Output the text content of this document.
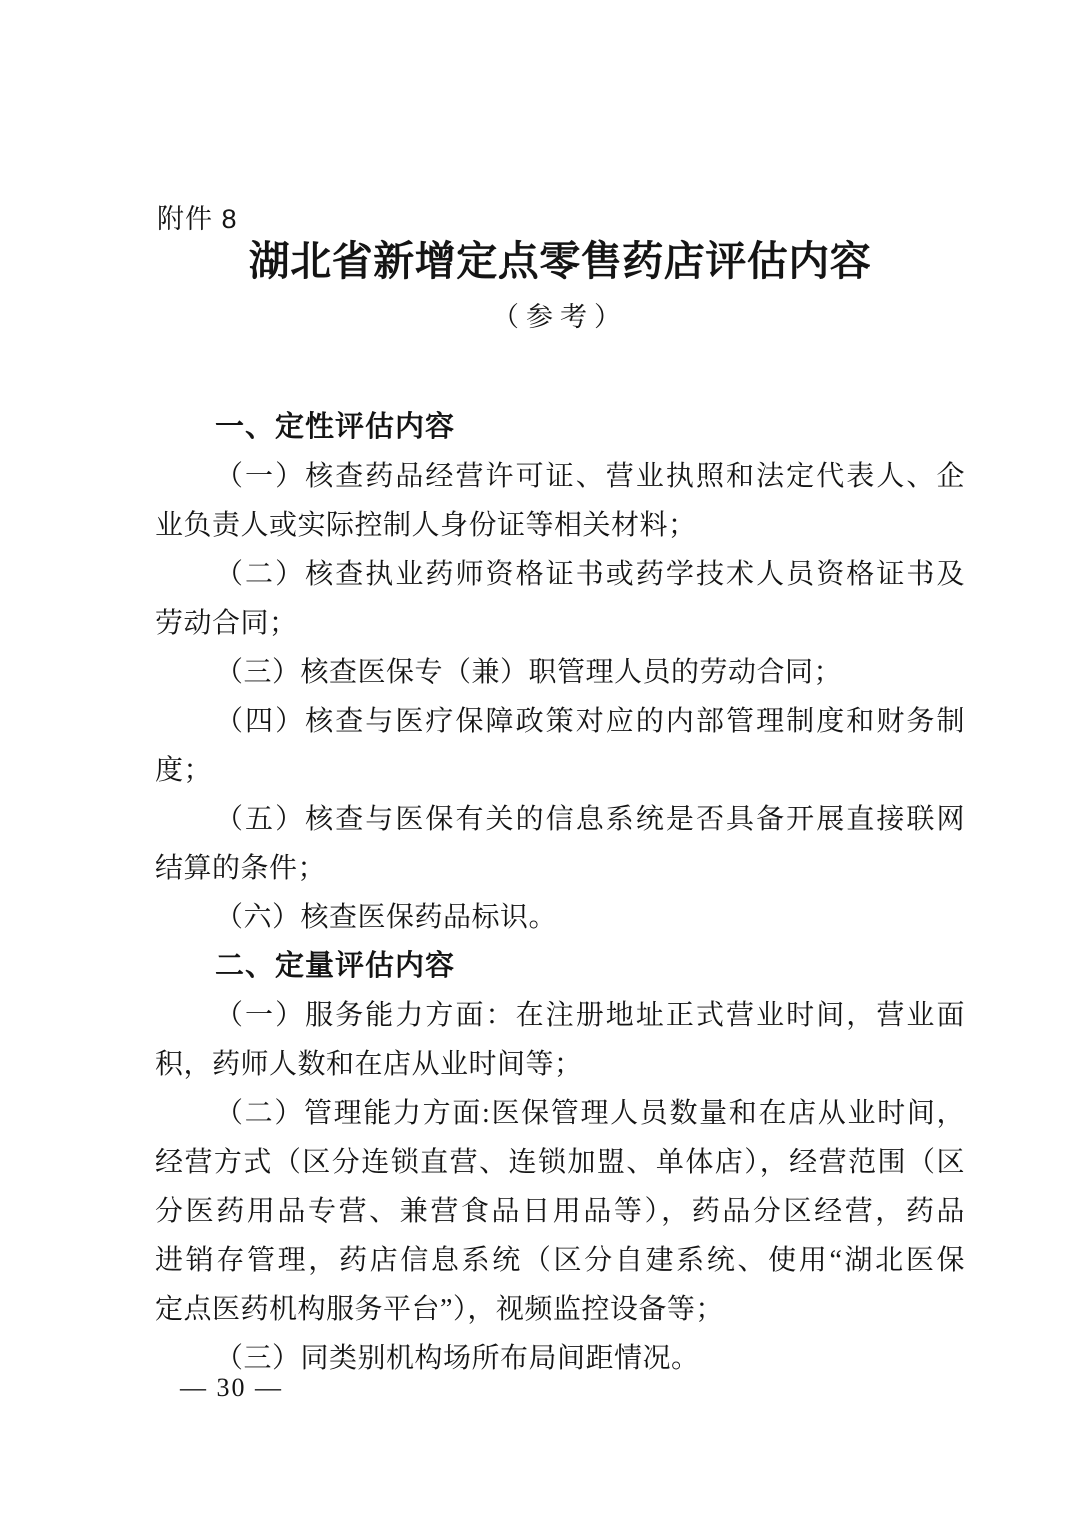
附件 8
湖北省新增定点零售药店评估内容
（参考）
一、定性评估内容
（一）核查药品经营许可证、营业执照和法定代表人、企
业负责人或实际控制人身份证等相关材料；
（二）核查执业药师资格证书或药学技术人员资格证书及
劳动合同；
（三）核查医保专（兼）职管理人员的劳动合同；
（四）核查与医疗保障政策对应的内部管理制度和财务制
度；
（五）核查与医保有关的信息系统是否具备开展直接联网
结算的条件；
（六）核查医保药品标识。
二、定量评估内容
（一）服务能力方面：在注册地址正式营业时间，营业面
积，药师人数和在店从业时间等；
（二）管理能力方面:医保管理人员数量和在店从业时间，
经营方式（区分连锁直营、连锁加盟、单体店），经营范围（区
分医药用品专营、兼营食品日用品等），药品分区经营，药品
进销存管理，药店信息系统（区分自建系统、使用“湖北医保
定点医药机构服务平台”），视频监控设备等；
（三）同类别机构场所布局间距情况。
— 30 —
